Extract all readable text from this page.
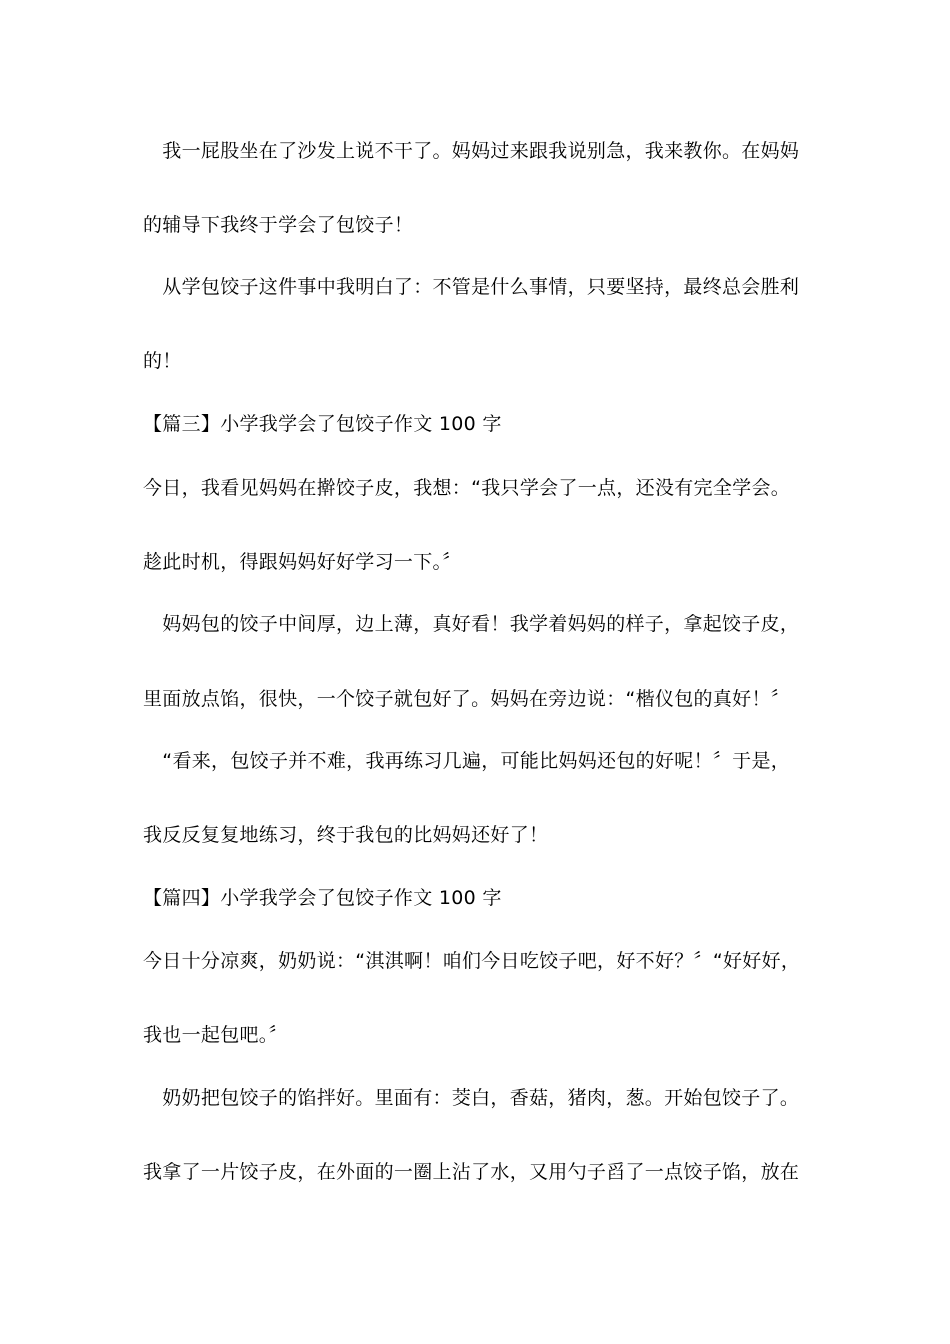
　我一屁股坐在了沙发上说不干了。妈妈过来跟我说别急，我来教你。在妈妈
的辅导下我终于学会了包饺子！
　从学包饺子这件事中我明白了：不管是什么事情，只要坚持，最终总会胜利
的！
【篇三】小学我学会了包饺子作文 100 字
今日，我看见妈妈在擀饺子皮，我想：“我只学会了一点，还没有完全学会。
趁此时机，得跟妈妈好好学习一下。〞
　妈妈包的饺子中间厚，边上薄，真好看！我学着妈妈的样子，拿起饺子皮，
里面放点馅，很快，一个饺子就包好了。妈妈在旁边说：“楷仪包的真好！〞
　“看来，包饺子并不难，我再练习几遍，可能比妈妈还包的好呢！〞于是，
我反反复复地练习，终于我包的比妈妈还好了！
【篇四】小学我学会了包饺子作文 100 字
今日十分凉爽，奶奶说：“淇淇啊！咱们今日吃饺子吧，好不好？〞“好好好，
我也一起包吧。〞
　奶奶把包饺子的馅拌好。里面有：茭白，香菇，猪肉，葱。开始包饺子了。
我拿了一片饺子皮，在外面的一圈上沾了水，又用勺子舀了一点饺子馅，放在
